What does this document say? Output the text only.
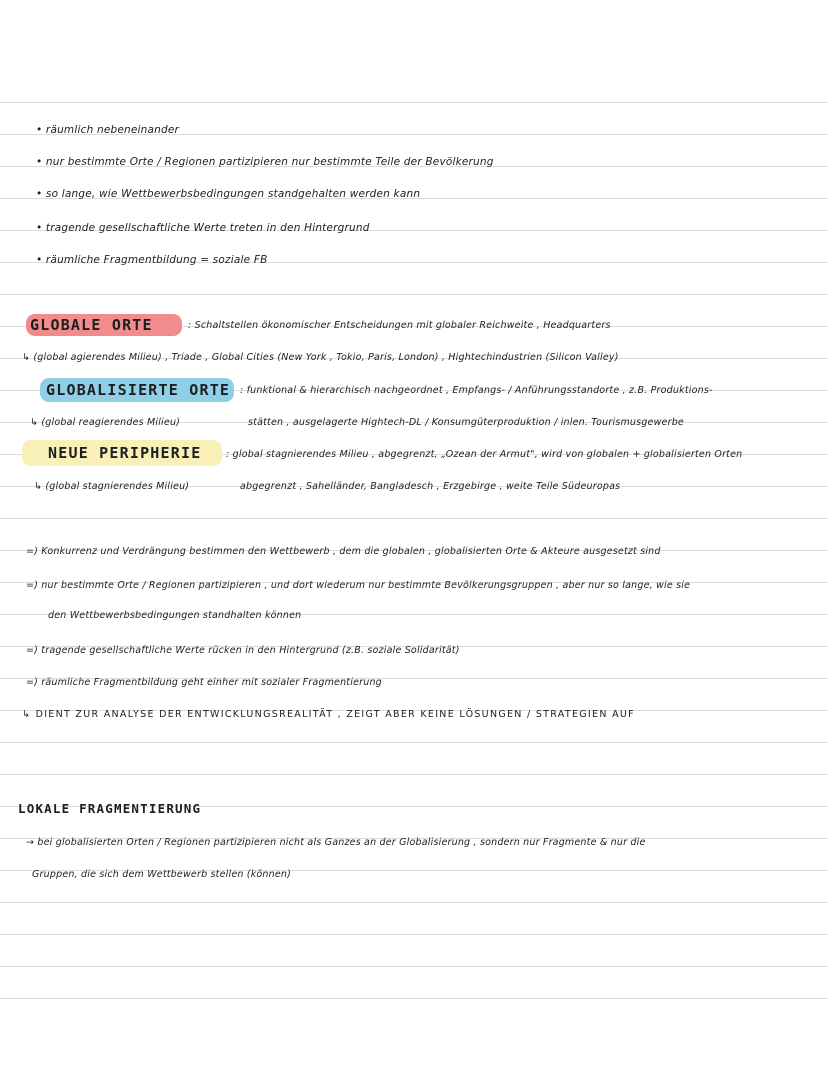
• räumlich nebeneinander
• nur bestimmte Orte / Regionen partizipieren nur bestimmte Teile der Bevölkerung
• so lange, wie Wettbewerbsbedingungen standgehalten werden kann
• tragende gesellschaftliche Werte treten in den Hintergrund
• räumliche Fragmentbildung = soziale FB
GLOBALE ORTE	: Schaltstellen ökonomischer Entscheidungen mit globaler Reichweite , Headquarters
↳ (global agierendes Milieu) , Triade , Global Cities (New York , Tokio, Paris, London) , Hightechindustrien (Silicon Valley)
GLOBALISIERTE ORTE : funktional & hierarchisch nachgeordnet , Empfangs- / Anführungsstandorte , z.B. Produktions-
↳ (global reagierendes Milieu)	stätten , ausgelagerte Hightech-DL / Konsumgüterproduktion / inlen. Tourismusgewerbe
NEUE PERIPHERIE	: global stagnierendes Milieu , abgegrenzt, „Ozean der Armut", wird von globalen + globalisierten Orten
↳ (global stagnierendes Milieu)	abgegrenzt , Sahelländer, Bangladesch , Erzgebirge , weite Teile Südeuropas
=) Konkurrenz und Verdrängung bestimmen den Wettbewerb , dem die globalen , globalisierten Orte & Akteure ausgesetzt sind
=) nur bestimmte Orte / Regionen partizipieren , und dort wiederum nur bestimmte Bevölkerungsgruppen , aber nur so lange, wie sie
den Wettbewerbsbedingungen standhalten können
=) tragende gesellschaftliche Werte rücken in den Hintergrund (z.B. soziale Solidarität)
=) räumliche Fragmentbildung geht einher mit sozialer Fragmentierung
↳ DIENT ZUR ANALYSE DER ENTWICKLUNGSREALITÄT , ZEIGT ABER KEINE LÖSUNGEN / STRATEGIEN AUF
LOKALE FRAGMENTIERUNG
→ bei globalisierten Orten / Regionen partizipieren nicht als Ganzes an der Globalisierung , sondern nur Fragmente & nur die
Gruppen, die sich dem Wettbewerb stellen (können)
